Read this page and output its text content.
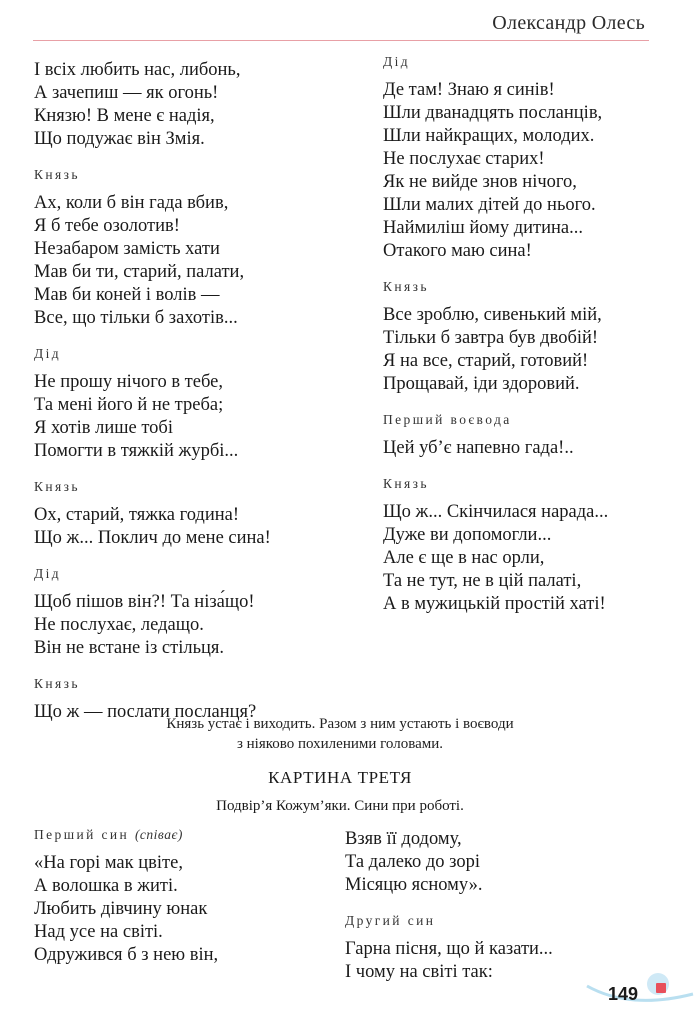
Олександр Олесь
І всіх любить нас, либонь,
А зачепиш — як огонь!
Князю! В мене є надія,
Що подужає він Змія.
Князь
Ах, коли б він гада вбив,
Я б тебе озолотив!
Незабаром замість хати
Мав би ти, старий, палати,
Мав би коней і волів —
Все, що тільки б захотів...
Дід
Не прошу нічого в тебе,
Та мені його й не треба;
Я хотів лише тобі
Помогти в тяжкій журбі...
Князь
Ох, старий, тяжка година!
Що ж... Поклич до мене сина!
Дід
Щоб пішов він?! Та ніза́що!
Не послухає, ледащо.
Він не встане із стільця.
Князь
Що ж — послати посланця?
Дід
Де там! Знаю я синів!
Шли дванадцять посланців,
Шли найкращих, молодих.
Не послухає старих!
Як не вийде знов нічого,
Шли малих дітей до нього.
Наймиліш йому дитина...
Отакого маю сина!
Князь
Все зроблю, сивенький мій,
Тільки б завтра був двобій!
Я на все, старий, готовий!
Прощавай, іди здоровий.
Перший воєвода
Цей уб’є напевно гада!..
Князь
Що ж... Скінчилася нарада...
Дуже ви допомогли...
Але є ще в нас орли,
Та не тут, не в цій палаті,
А в мужицькій простій хаті!
Князь устає і виходить. Разом з ним устають і воєводи
з ніяково похиленими головами.
КАРТИНА ТРЕТЯ
Подвір’я Кожум’яки. Сини при роботі.
Перший син (співає)
«На горі мак цвіте,
А волошка в житі.
Любить дівчину юнак
Над усе на світі.
Одружився б з нею він,
Взяв її додому,
Та далеко до зорі
Місяцю ясному».
Другий син
Гарна пісня, що й казати...
І чому на світі так:
149
